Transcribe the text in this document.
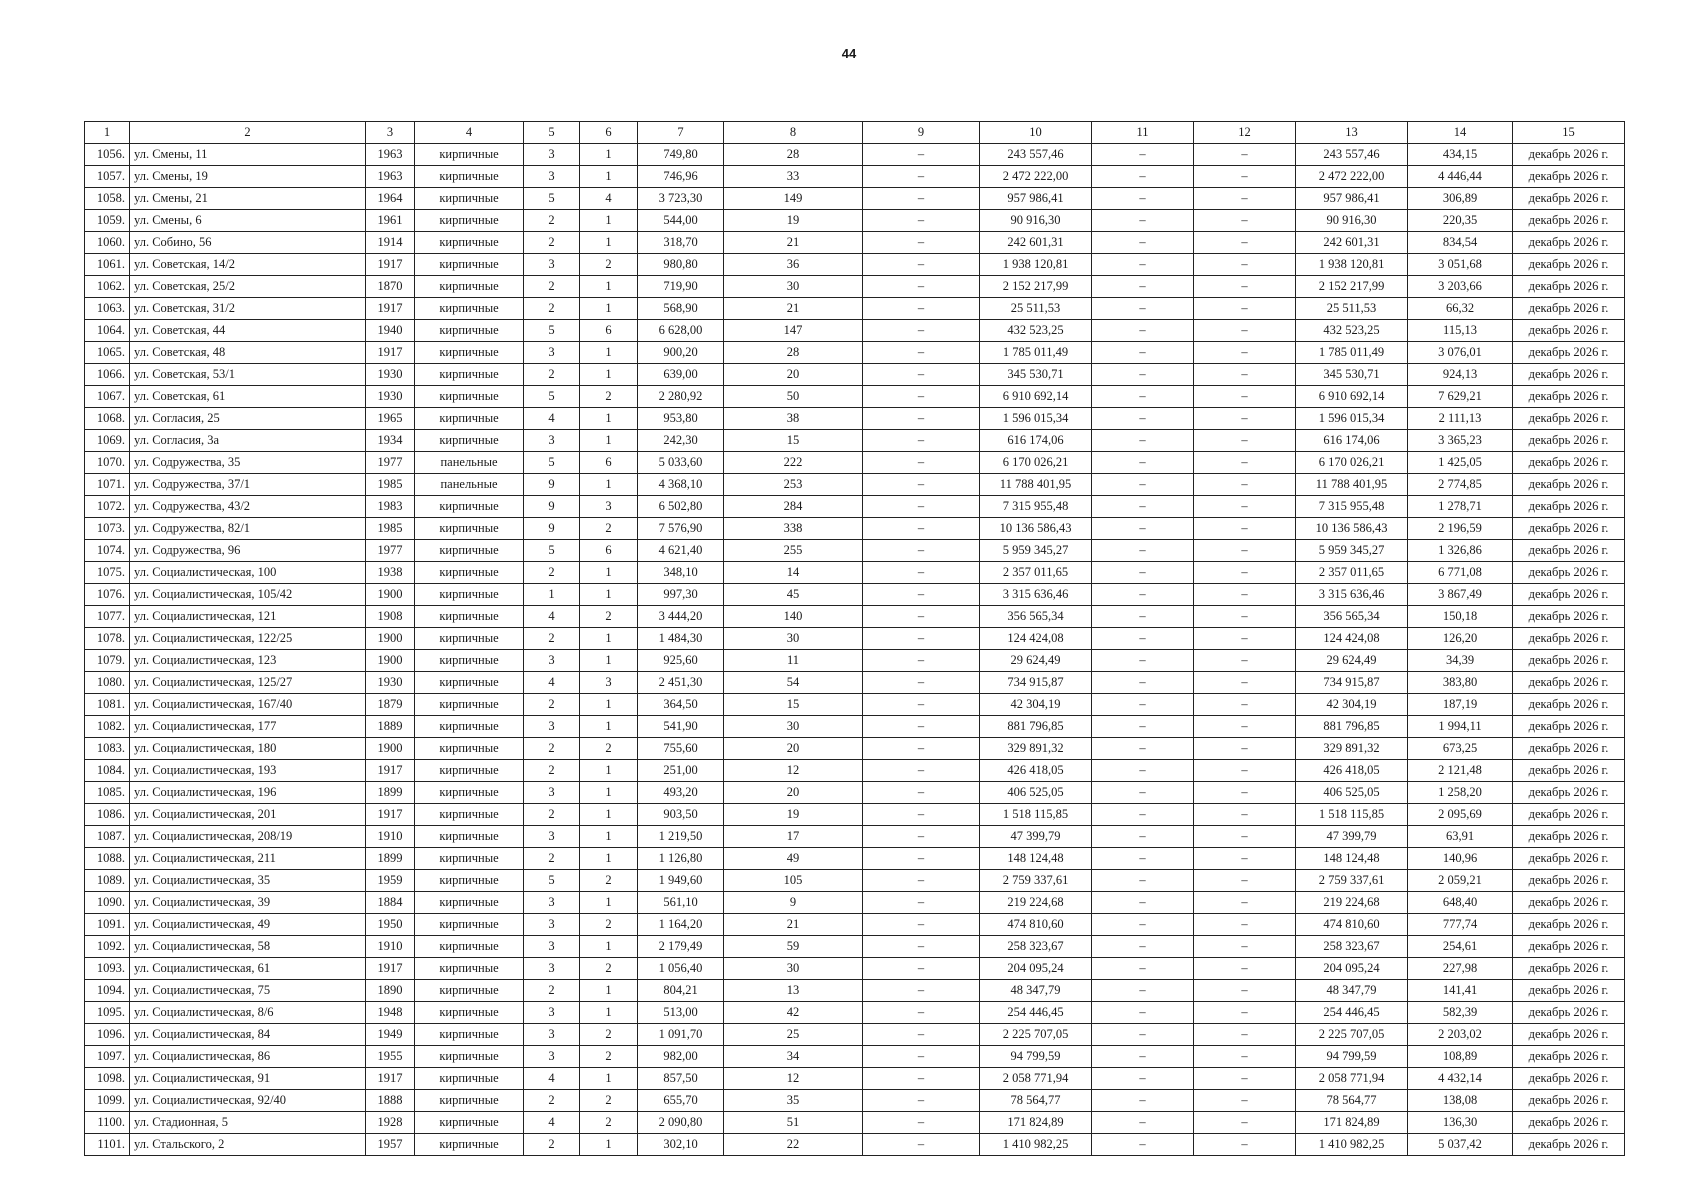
44
1	2	3	4	5	6	7	8	9	10	11	12	13	14	15
1056.	ул. Смены, 11	1963	кирпичные	3	1	749,80	28	–	243 557,46	–	–	243 557,46	434,15	декабрь 2026 г.
1057.	ул. Смены, 19	1963	кирпичные	3	1	746,96	33	–	2 472 222,00	–	–	2 472 222,00	4 446,44	декабрь 2026 г.
1058.	ул. Смены, 21	1964	кирпичные	5	4	3 723,30	149	–	957 986,41	–	–	957 986,41	306,89	декабрь 2026 г.
1059.	ул. Смены, 6	1961	кирпичные	2	1	544,00	19	–	90 916,30	–	–	90 916,30	220,35	декабрь 2026 г.
1060.	ул. Собино, 56	1914	кирпичные	2	1	318,70	21	–	242 601,31	–	–	242 601,31	834,54	декабрь 2026 г.
1061.	ул. Советская, 14/2	1917	кирпичные	3	2	980,80	36	–	1 938 120,81	–	–	1 938 120,81	3 051,68	декабрь 2026 г.
1062.	ул. Советская, 25/2	1870	кирпичные	2	1	719,90	30	–	2 152 217,99	–	–	2 152 217,99	3 203,66	декабрь 2026 г.
1063.	ул. Советская, 31/2	1917	кирпичные	2	1	568,90	21	–	25 511,53	–	–	25 511,53	66,32	декабрь 2026 г.
1064.	ул. Советская, 44	1940	кирпичные	5	6	6 628,00	147	–	432 523,25	–	–	432 523,25	115,13	декабрь 2026 г.
1065.	ул. Советская, 48	1917	кирпичные	3	1	900,20	28	–	1 785 011,49	–	–	1 785 011,49	3 076,01	декабрь 2026 г.
1066.	ул. Советская, 53/1	1930	кирпичные	2	1	639,00	20	–	345 530,71	–	–	345 530,71	924,13	декабрь 2026 г.
1067.	ул. Советская, 61	1930	кирпичные	5	2	2 280,92	50	–	6 910 692,14	–	–	6 910 692,14	7 629,21	декабрь 2026 г.
1068.	ул. Согласия, 25	1965	кирпичные	4	1	953,80	38	–	1 596 015,34	–	–	1 596 015,34	2 111,13	декабрь 2026 г.
1069.	ул. Согласия, 3а	1934	кирпичные	3	1	242,30	15	–	616 174,06	–	–	616 174,06	3 365,23	декабрь 2026 г.
1070.	ул. Содружества, 35	1977	панельные	5	6	5 033,60	222	–	6 170 026,21	–	–	6 170 026,21	1 425,05	декабрь 2026 г.
1071.	ул. Содружества, 37/1	1985	панельные	9	1	4 368,10	253	–	11 788 401,95	–	–	11 788 401,95	2 774,85	декабрь 2026 г.
1072.	ул. Содружества, 43/2	1983	кирпичные	9	3	6 502,80	284	–	7 315 955,48	–	–	7 315 955,48	1 278,71	декабрь 2026 г.
1073.	ул. Содружества, 82/1	1985	кирпичные	9	2	7 576,90	338	–	10 136 586,43	–	–	10 136 586,43	2 196,59	декабрь 2026 г.
1074.	ул. Содружества, 96	1977	кирпичные	5	6	4 621,40	255	–	5 959 345,27	–	–	5 959 345,27	1 326,86	декабрь 2026 г.
1075.	ул. Социалистическая, 100	1938	кирпичные	2	1	348,10	14	–	2 357 011,65	–	–	2 357 011,65	6 771,08	декабрь 2026 г.
1076.	ул. Социалистическая, 105/42	1900	кирпичные	1	1	997,30	45	–	3 315 636,46	–	–	3 315 636,46	3 867,49	декабрь 2026 г.
1077.	ул. Социалистическая, 121	1908	кирпичные	4	2	3 444,20	140	–	356 565,34	–	–	356 565,34	150,18	декабрь 2026 г.
1078.	ул. Социалистическая, 122/25	1900	кирпичные	2	1	1 484,30	30	–	124 424,08	–	–	124 424,08	126,20	декабрь 2026 г.
1079.	ул. Социалистическая, 123	1900	кирпичные	3	1	925,60	11	–	29 624,49	–	–	29 624,49	34,39	декабрь 2026 г.
1080.	ул. Социалистическая, 125/27	1930	кирпичные	4	3	2 451,30	54	–	734 915,87	–	–	734 915,87	383,80	декабрь 2026 г.
1081.	ул. Социалистическая, 167/40	1879	кирпичные	2	1	364,50	15	–	42 304,19	–	–	42 304,19	187,19	декабрь 2026 г.
1082.	ул. Социалистическая, 177	1889	кирпичные	3	1	541,90	30	–	881 796,85	–	–	881 796,85	1 994,11	декабрь 2026 г.
1083.	ул. Социалистическая, 180	1900	кирпичные	2	2	755,60	20	–	329 891,32	–	–	329 891,32	673,25	декабрь 2026 г.
1084.	ул. Социалистическая, 193	1917	кирпичные	2	1	251,00	12	–	426 418,05	–	–	426 418,05	2 121,48	декабрь 2026 г.
1085.	ул. Социалистическая, 196	1899	кирпичные	3	1	493,20	20	–	406 525,05	–	–	406 525,05	1 258,20	декабрь 2026 г.
1086.	ул. Социалистическая, 201	1917	кирпичные	2	1	903,50	19	–	1 518 115,85	–	–	1 518 115,85	2 095,69	декабрь 2026 г.
1087.	ул. Социалистическая, 208/19	1910	кирпичные	3	1	1 219,50	17	–	47 399,79	–	–	47 399,79	63,91	декабрь 2026 г.
1088.	ул. Социалистическая, 211	1899	кирпичные	2	1	1 126,80	49	–	148 124,48	–	–	148 124,48	140,96	декабрь 2026 г.
1089.	ул. Социалистическая, 35	1959	кирпичные	5	2	1 949,60	105	–	2 759 337,61	–	–	2 759 337,61	2 059,21	декабрь 2026 г.
1090.	ул. Социалистическая, 39	1884	кирпичные	3	1	561,10	9	–	219 224,68	–	–	219 224,68	648,40	декабрь 2026 г.
1091.	ул. Социалистическая, 49	1950	кирпичные	3	2	1 164,20	21	–	474 810,60	–	–	474 810,60	777,74	декабрь 2026 г.
1092.	ул. Социалистическая, 58	1910	кирпичные	3	1	2 179,49	59	–	258 323,67	–	–	258 323,67	254,61	декабрь 2026 г.
1093.	ул. Социалистическая, 61	1917	кирпичные	3	2	1 056,40	30	–	204 095,24	–	–	204 095,24	227,98	декабрь 2026 г.
1094.	ул. Социалистическая, 75	1890	кирпичные	2	1	804,21	13	–	48 347,79	–	–	48 347,79	141,41	декабрь 2026 г.
1095.	ул. Социалистическая, 8/6	1948	кирпичные	3	1	513,00	42	–	254 446,45	–	–	254 446,45	582,39	декабрь 2026 г.
1096.	ул. Социалистическая, 84	1949	кирпичные	3	2	1 091,70	25	–	2 225 707,05	–	–	2 225 707,05	2 203,02	декабрь 2026 г.
1097.	ул. Социалистическая, 86	1955	кирпичные	3	2	982,00	34	–	94 799,59	–	–	94 799,59	108,89	декабрь 2026 г.
1098.	ул. Социалистическая, 91	1917	кирпичные	4	1	857,50	12	–	2 058 771,94	–	–	2 058 771,94	4 432,14	декабрь 2026 г.
1099.	ул. Социалистическая, 92/40	1888	кирпичные	2	2	655,70	35	–	78 564,77	–	–	78 564,77	138,08	декабрь 2026 г.
1100.	ул. Стадионная, 5	1928	кирпичные	4	2	2 090,80	51	–	171 824,89	–	–	171 824,89	136,30	декабрь 2026 г.
1101.	ул. Стальского, 2	1957	кирпичные	2	1	302,10	22	–	1 410 982,25	–	–	1 410 982,25	5 037,42	декабрь 2026 г.
